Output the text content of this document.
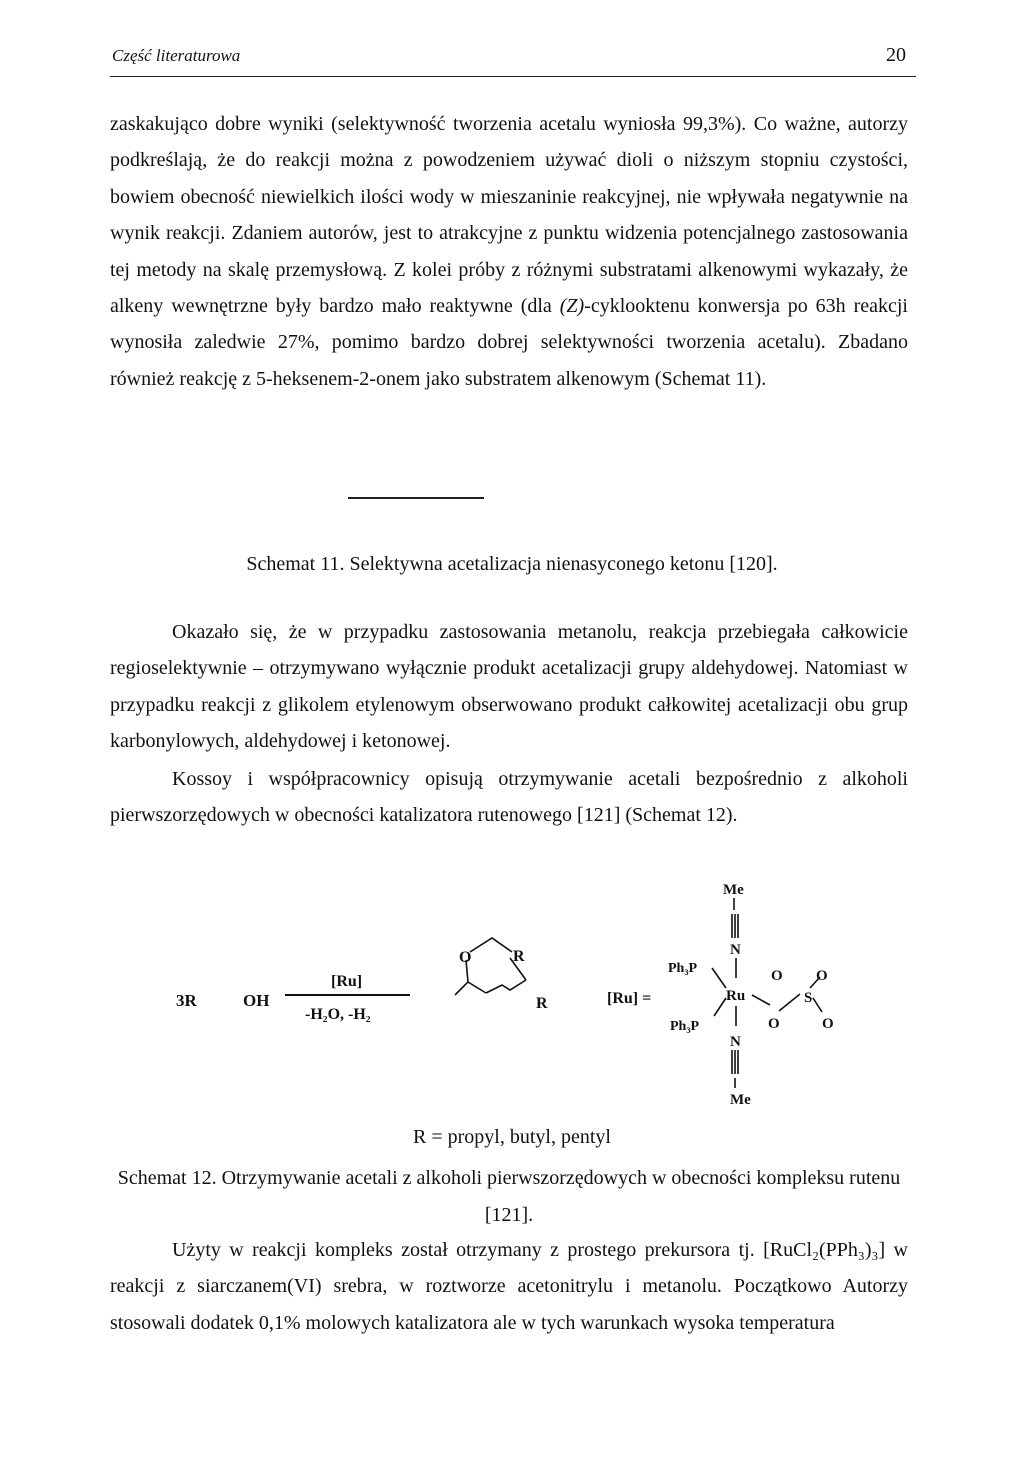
Część literaturowa	20

zaskakująco dobre wyniki (selektywność tworzenia acetalu wyniosła 99,3%). Co ważne, autorzy podkreślają, że do reakcji można z powodzeniem używać dioli o niższym stopniu czystości, bowiem obecność niewielkich ilości wody w mieszaninie reakcyjnej, nie wpływała negatywnie na wynik reakcji. Zdaniem autorów, jest to atrakcyjne z punktu widzenia potencjalnego zastosowania tej metody na skalę przemysłową. Z kolei próby z różnymi substratami alkenowymi wykazały, że alkeny wewnętrzne były bardzo mało reaktywne (dla (Z)-cyklooktenu konwersja po 63h reakcji wynosiła zaledwie 27%, pomimo bardzo dobrej selektywności tworzenia acetalu). Zbadano również reakcję z 5-heksenem-2-onem jako substratem alkenowym (Schemat 11).

Schemat 11. Selektywna acetalizacja nienasyconego ketonu [120].

Okazało się, że w przypadku zastosowania metanolu, reakcja przebiegała całkowicie regioselektywnie – otrzymywano wyłącznie produkt acetalizacji grupy aldehydowej. Natomiast w przypadku reakcji z glikolem etylenowym obserwowano produkt całkowitej acetalizacji obu grup karbonylowych, aldehydowej i ketonowej.

Kossoy i współpracownicy opisują otrzymywanie acetali bezpośrednio z alkoholi pierwszorzędowych w obecności katalizatora rutenowego [121] (Schemat 12).

3R	OH
[Ru]
-H₂O, -H₂
O	R
R	[Ru] =
Me
N
Ph₃P
Ph₃P
Ru
N
Me
O O
S
O	O
R = propyl, butyl, pentyl

Schemat 12. Otrzymywanie acetali z alkoholi pierwszorzędowych w obecności kompleksu rutenu [121].

Użyty w reakcji kompleks został otrzymany z prostego prekursora tj. [RuCl₂(PPh₃)₃] w reakcji z siarczanem(VI) srebra, w roztworze acetonitrylu i metanolu. Początkowo Autorzy stosowali dodatek 0,1% molowych katalizatora ale w tych warunkach wysoka temperatura
